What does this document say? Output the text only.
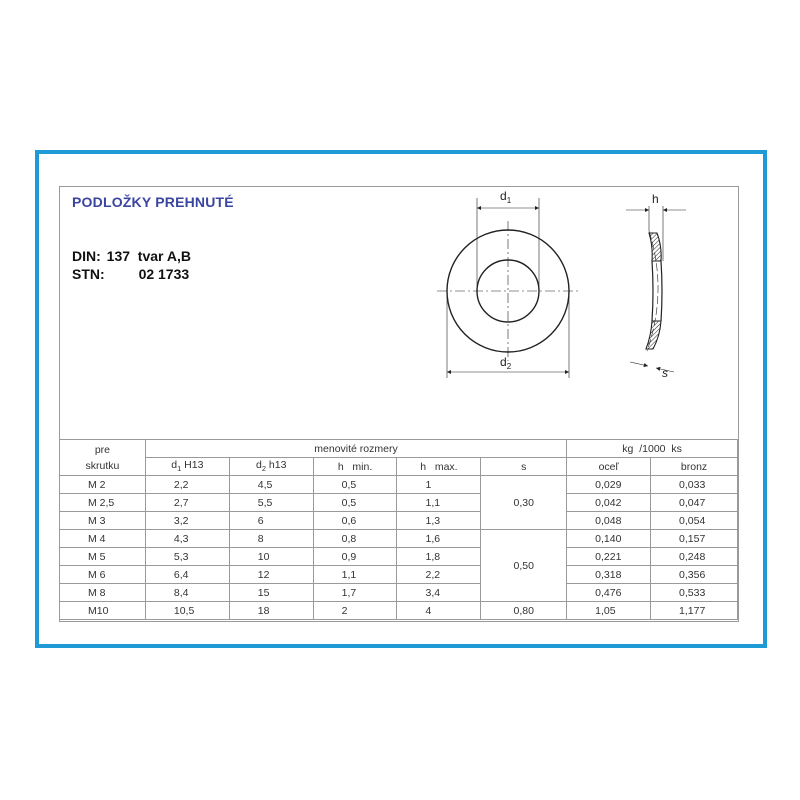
PODLOŽKY PREHNUTÉ
DIN: 137  tvar A,B
STN: 02 1733
$d_1$
$d_2$
h
s
pre
skrutku	menovité rozmery					kg  /1000  ks	
	$d_1$ H13	$d_2$ h13	h   min.	h   max.	s	oceľ	bronz
M 2	2,2	4,5	0,5	1	0,30	0,029	0,033
M 2,5	2,7	5,5	0,5	1,1		0,042	0,047
M 3	3,2	6	0,6	1,3		0,048	0,054
M 4	4,3	8	0,8	1,6	0,50	0,140	0,157
M 5	5,3	10	0,9	1,8		0,221	0,248
M 6	6,4	12	1,1	2,2		0,318	0,356
M 8	8,4	15	1,7	3,4		0,476	0,533
M10	10,5	18	2	4	0,80	1,05	1,177
